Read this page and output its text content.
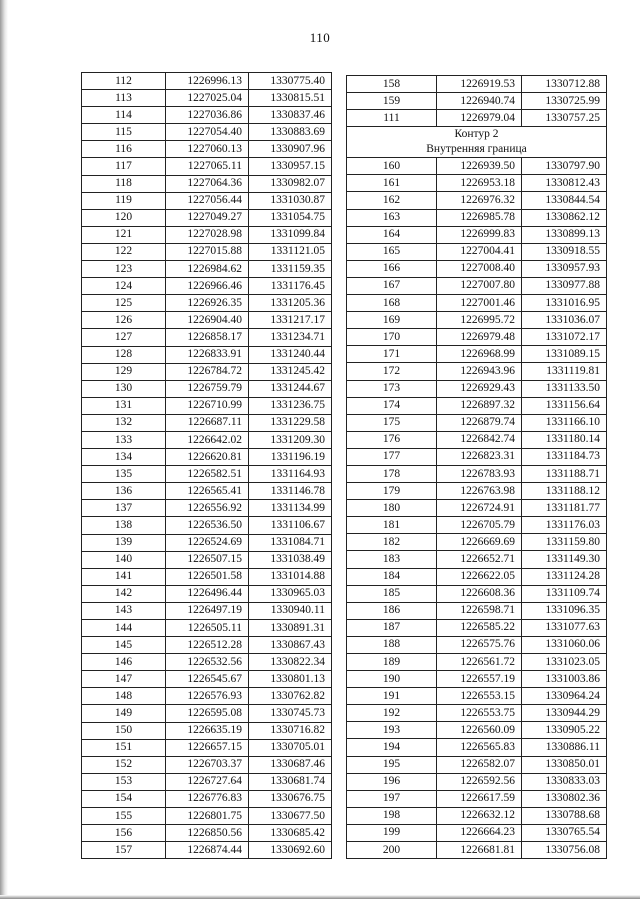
110
112	1226996.13	1330775.40
113	1227025.04	1330815.51
114	1227036.86	1330837.46
115	1227054.40	1330883.69
116	1227060.13	1330907.96
117	1227065.11	1330957.15
118	1227064.36	1330982.07
119	1227056.44	1331030.87
120	1227049.27	1331054.75
121	1227028.98	1331099.84
122	1227015.88	1331121.05
123	1226984.62	1331159.35
124	1226966.46	1331176.45
125	1226926.35	1331205.36
126	1226904.40	1331217.17
127	1226858.17	1331234.71
128	1226833.91	1331240.44
129	1226784.72	1331245.42
130	1226759.79	1331244.67
131	1226710.99	1331236.75
132	1226687.11	1331229.58
133	1226642.02	1331209.30
134	1226620.81	1331196.19
135	1226582.51	1331164.93
136	1226565.41	1331146.78
137	1226556.92	1331134.99
138	1226536.50	1331106.67
139	1226524.69	1331084.71
140	1226507.15	1331038.49
141	1226501.58	1331014.88
142	1226496.44	1330965.03
143	1226497.19	1330940.11
144	1226505.11	1330891.31
145	1226512.28	1330867.43
146	1226532.56	1330822.34
147	1226545.67	1330801.13
148	1226576.93	1330762.82
149	1226595.08	1330745.73
150	1226635.19	1330716.82
151	1226657.15	1330705.01
152	1226703.37	1330687.46
153	1226727.64	1330681.74
154	1226776.83	1330676.75
155	1226801.75	1330677.50
156	1226850.56	1330685.42
157	1226874.44	1330692.60
158	1226919.53	1330712.88
159	1226940.74	1330725.99
111	1226979.04	1330757.25

Контур 2
Внутренняя граница		

160	1226939.50	1330797.90
161	1226953.18	1330812.43
162	1226976.32	1330844.54
163	1226985.78	1330862.12
164	1226999.83	1330899.13
165	1227004.41	1330918.55
166	1227008.40	1330957.93
167	1227007.80	1330977.88
168	1227001.46	1331016.95
169	1226995.72	1331036.07
170	1226979.48	1331072.17
171	1226968.99	1331089.15
172	1226943.96	1331119.81
173	1226929.43	1331133.50
174	1226897.32	1331156.64
175	1226879.74	1331166.10
176	1226842.74	1331180.14
177	1226823.31	1331184.73
178	1226783.93	1331188.71
179	1226763.98	1331188.12
180	1226724.91	1331181.77
181	1226705.79	1331176.03
182	1226669.69	1331159.80
183	1226652.71	1331149.30
184	1226622.05	1331124.28
185	1226608.36	1331109.74
186	1226598.71	1331096.35
187	1226585.22	1331077.63
188	1226575.76	1331060.06
189	1226561.72	1331023.05
190	1226557.19	1331003.86
191	1226553.15	1330964.24
192	1226553.75	1330944.29
193	1226560.09	1330905.22
194	1226565.83	1330886.11
195	1226582.07	1330850.01
196	1226592.56	1330833.03
197	1226617.59	1330802.36
198	1226632.12	1330788.68
199	1226664.23	1330765.54
200	1226681.81	1330756.08
